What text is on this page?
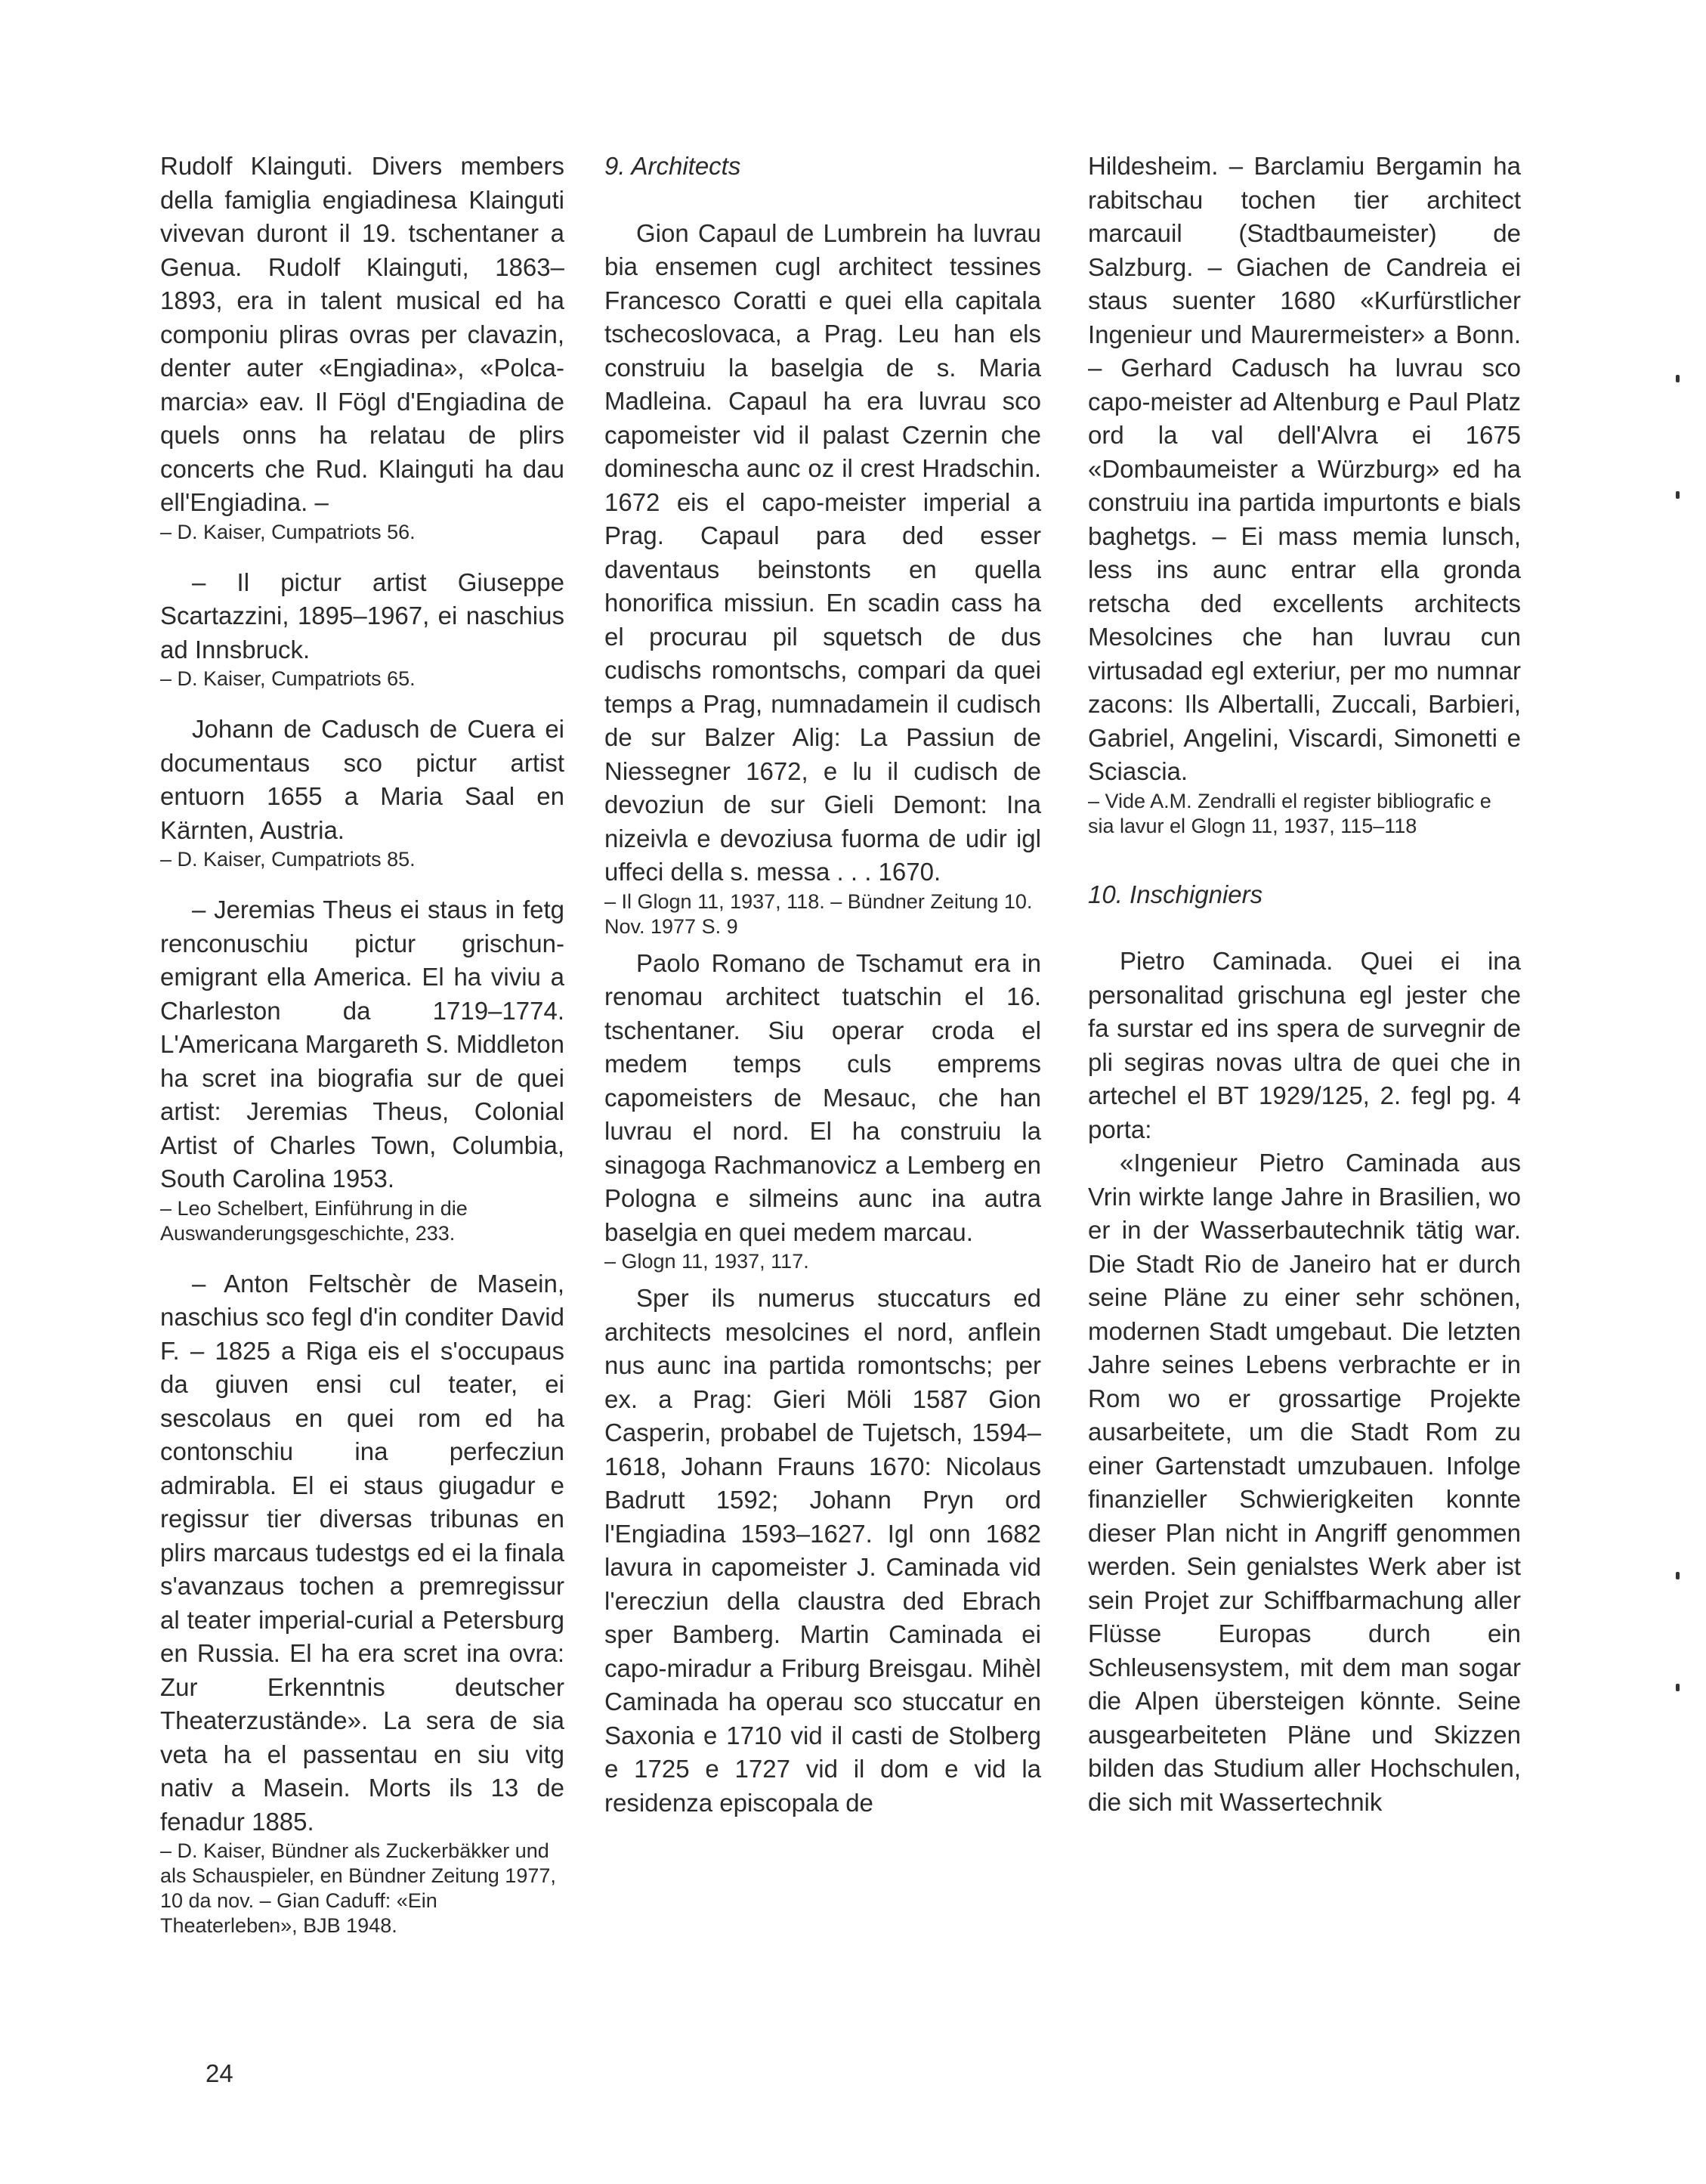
Rudolf Klainguti. Divers members della famiglia engiadinesa Klainguti vivevan duront il 19. tschentaner a Genua. Rudolf Klainguti, 1863–1893, era in talent musical ed ha componiu pliras ovras per clavazin, denter auter «Engiadina», «Polca-marcia» eav. Il Fögl d'Engiadina de quels onns ha relatau de plirs concerts che Rud. Klainguti ha dau ell'Engiadina. –

– D. Kaiser, Cumpatriots 56.

– Il pictur artist Giuseppe Scartazzini, 1895–1967, ei naschius ad Innsbruck.

– D. Kaiser, Cumpatriots 65.

Johann de Cadusch de Cuera ei documentaus sco pictur artist entuorn 1655 a Maria Saal en Kärnten, Austria.

– D. Kaiser, Cumpatriots 85.

– Jeremias Theus ei staus in fetg renconuschiu pictur grischun-emigrant ella America. El ha viviu a Charleston da 1719–1774. L'Americana Margareth S. Middleton ha scret ina biografia sur de quei artist: Jeremias Theus, Colonial Artist of Charles Town, Columbia, South Carolina 1953.

– Leo Schelbert, Einführung in die Auswanderungsgeschichte, 233.

– Anton Feltschèr de Masein, naschius sco fegl d'in conditer David F. – 1825 a Riga eis el s'occupaus da giuven ensi cul teater, ei sescolaus en quei rom ed ha contonschiu ina perfecziun admirabla. El ei staus giugadur e regissur tier diversas tribunas en plirs marcaus tudestgs ed ei la finala s'avanzaus tochen a premregissur al teater imperial-curial a Petersburg en Russia. El ha era scret ina ovra: Zur Erkenntnis deutscher Theaterzustände». La sera de sia veta ha el passentau en siu vitg nativ a Masein. Morts ils 13 de fenadur 1885.

– D. Kaiser, Bündner als Zuckerbäkker und als Schauspieler, en Bündner Zeitung 1977, 10 da nov. – Gian Caduff: «Ein Theaterleben», BJB 1948.

9. Architects

Gion Capaul de Lumbrein ha luvrau bia ensemen cugl architect tessines Francesco Coratti e quei ella capitala tschecoslovaca, a Prag. Leu han els construiu la baselgia de s. Maria Madleina. Capaul ha era luvrau sco capomeister vid il palast Czernin che dominescha aunc oz il crest Hradschin. 1672 eis el capo-meister imperial a Prag. Capaul para ded esser daventaus beinstonts en quella honorifica missiun. En scadin cass ha el procurau pil squetsch de dus cudischs romontschs, compari da quei temps a Prag, numnadamein il cudisch de sur Balzer Alig: La Passiun de Niessegner 1672, e lu il cudisch de devoziun de sur Gieli Demont: Ina nizeivla e devoziusa fuorma de udir igl uffeci della s. messa . . . 1670.

– Il Glogn 11, 1937, 118. – Bündner Zeitung 10. Nov. 1977 S. 9

Paolo Romano de Tschamut era in renomau architect tuatschin el 16. tschentaner. Siu operar croda el medem temps culs emprems capomeisters de Mesauc, che han luvrau el nord. El ha construiu la sinagoga Rachmanovicz a Lemberg en Pologna e silmeins aunc ina autra baselgia en quei medem marcau.

– Glogn 11, 1937, 117.

Sper ils numerus stuccaturs ed architects mesolcines el nord, anflein nus aunc ina partida romontschs; per ex. a Prag: Gieri Möli 1587 Gion Casperin, probabel de Tujetsch, 1594–1618, Johann Frauns 1670: Nicolaus Badrutt 1592; Johann Pryn ord l'Engiadina 1593–1627. Igl onn 1682 lavura in capomeister J. Caminada vid l'erecziun della claustra ded Ebrach sper Bamberg. Martin Caminada ei capo-miradur a Friburg Breisgau. Mihèl Caminada ha operau sco stuccatur en Saxonia e 1710 vid il casti de Stolberg e 1725 e 1727 vid il dom e vid la residenza episcopala de

Hildesheim. – Barclamiu Bergamin ha rabitschau tochen tier architect marcauil (Stadtbaumeister) de Salzburg. – Giachen de Candreia ei staus suenter 1680 «Kurfürstlicher Ingenieur und Maurermeister» a Bonn. – Gerhard Cadusch ha luvrau sco capo-meister ad Altenburg e Paul Platz ord la val dell'Alvra ei 1675 «Dombaumeister a Würzburg» ed ha construiu ina partida impurtonts e bials baghetgs. – Ei mass memia lunsch, less ins aunc entrar ella gronda retscha ded excellents architects Mesolcines che han luvrau cun virtusadad egl exteriur, per mo numnar zacons: Ils Albertalli, Zuccali, Barbieri, Gabriel, Angelini, Viscardi, Simonetti e Sciascia.

– Vide A.M. Zendralli el register bibliografic e sia lavur el Glogn 11, 1937, 115–118

10. Inschigniers

Pietro Caminada. Quei ei ina personalitad grischuna egl jester che fa surstar ed ins spera de survegnir de pli segiras novas ultra de quei che in artechel el BT 1929/125, 2. fegl pg. 4 porta:

«Ingenieur Pietro Caminada aus Vrin wirkte lange Jahre in Brasilien, wo er in der Wasserbautechnik tätig war. Die Stadt Rio de Janeiro hat er durch seine Pläne zu einer sehr schönen, modernen Stadt umgebaut. Die letzten Jahre seines Lebens verbrachte er in Rom wo er grossartige Projekte ausarbeitete, um die Stadt Rom zu einer Gartenstadt umzubauen. Infolge finanzieller Schwierigkeiten konnte dieser Plan nicht in Angriff genommen werden. Sein genialstes Werk aber ist sein Projet zur Schiffbarmachung aller Flüsse Europas durch ein Schleusensystem, mit dem man sogar die Alpen übersteigen könnte. Seine ausgearbeiteten Pläne und Skizzen bilden das Studium aller Hochschulen, die sich mit Wassertechnik

24
